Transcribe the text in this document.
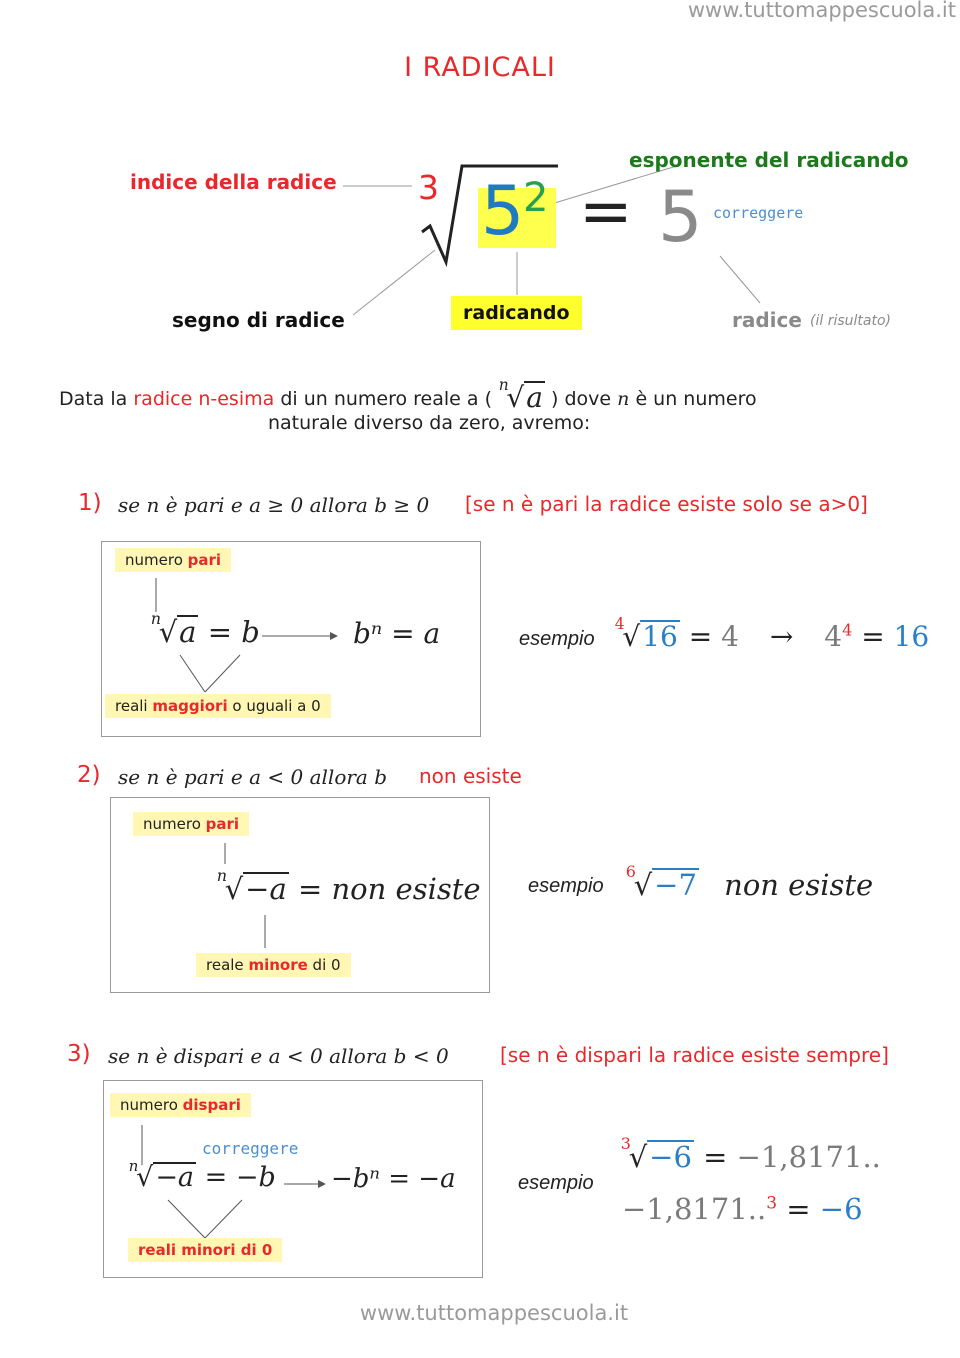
www.tuttomappescuola.it
I RADICALI
indice della radice 3
esponente del radicando
5
2 = 5 correggere
segno di radice	radicando	radice (il risultato)
Data la radice n-esima di un numero reale a (
n
√a ) dove n è un numero
naturale diverso da zero, avremo:
1) se n è pari e a ≥ 0 allora b ≥ 0 [se n è pari la radice esiste solo se a>0]
numero pari
n
√a = b	bⁿ = a
reali maggiori o uguali a 0
esempio
4
$√16 = 4 \to 4^4 = 16$
2) se n è pari e a < 0 allora b non esiste
numero pari
n
√−a = non esiste
reale minore di 0
esempio
6
√−7 non esiste
3) se n è dispari e a < 0 allora b < 0	[se n è dispari la radice esiste sempre]
numero dispari
correggere
n
√−a = −b −bⁿ = −a
reali minori di 0
esempio
3
√−6 = −1,8171..
−1,8171..$^3$ = −6
www.tuttomappescuola.it
